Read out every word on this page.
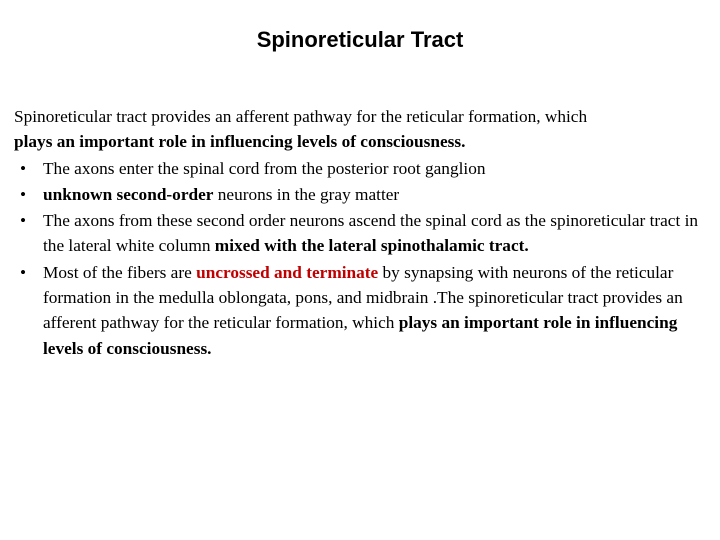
Spinoreticular Tract

Spinoreticular tract provides an afferent pathway for the reticular formation, which
plays an important role in influencing levels of consciousness.

• The axons enter the spinal cord from the posterior root ganglion
• unknown second-order neurons in the gray matter
• The axons from these second order neurons ascend the spinal cord as the spinoreticular tract in the lateral white column mixed with the lateral spinothalamic tract.
• Most of the fibers are uncrossed and terminate by synapsing with neurons of the reticular formation in the medulla oblongata, pons, and midbrain .The spinoreticular tract provides an afferent pathway for the reticular formation, which plays an important role in influencing levels of consciousness.
